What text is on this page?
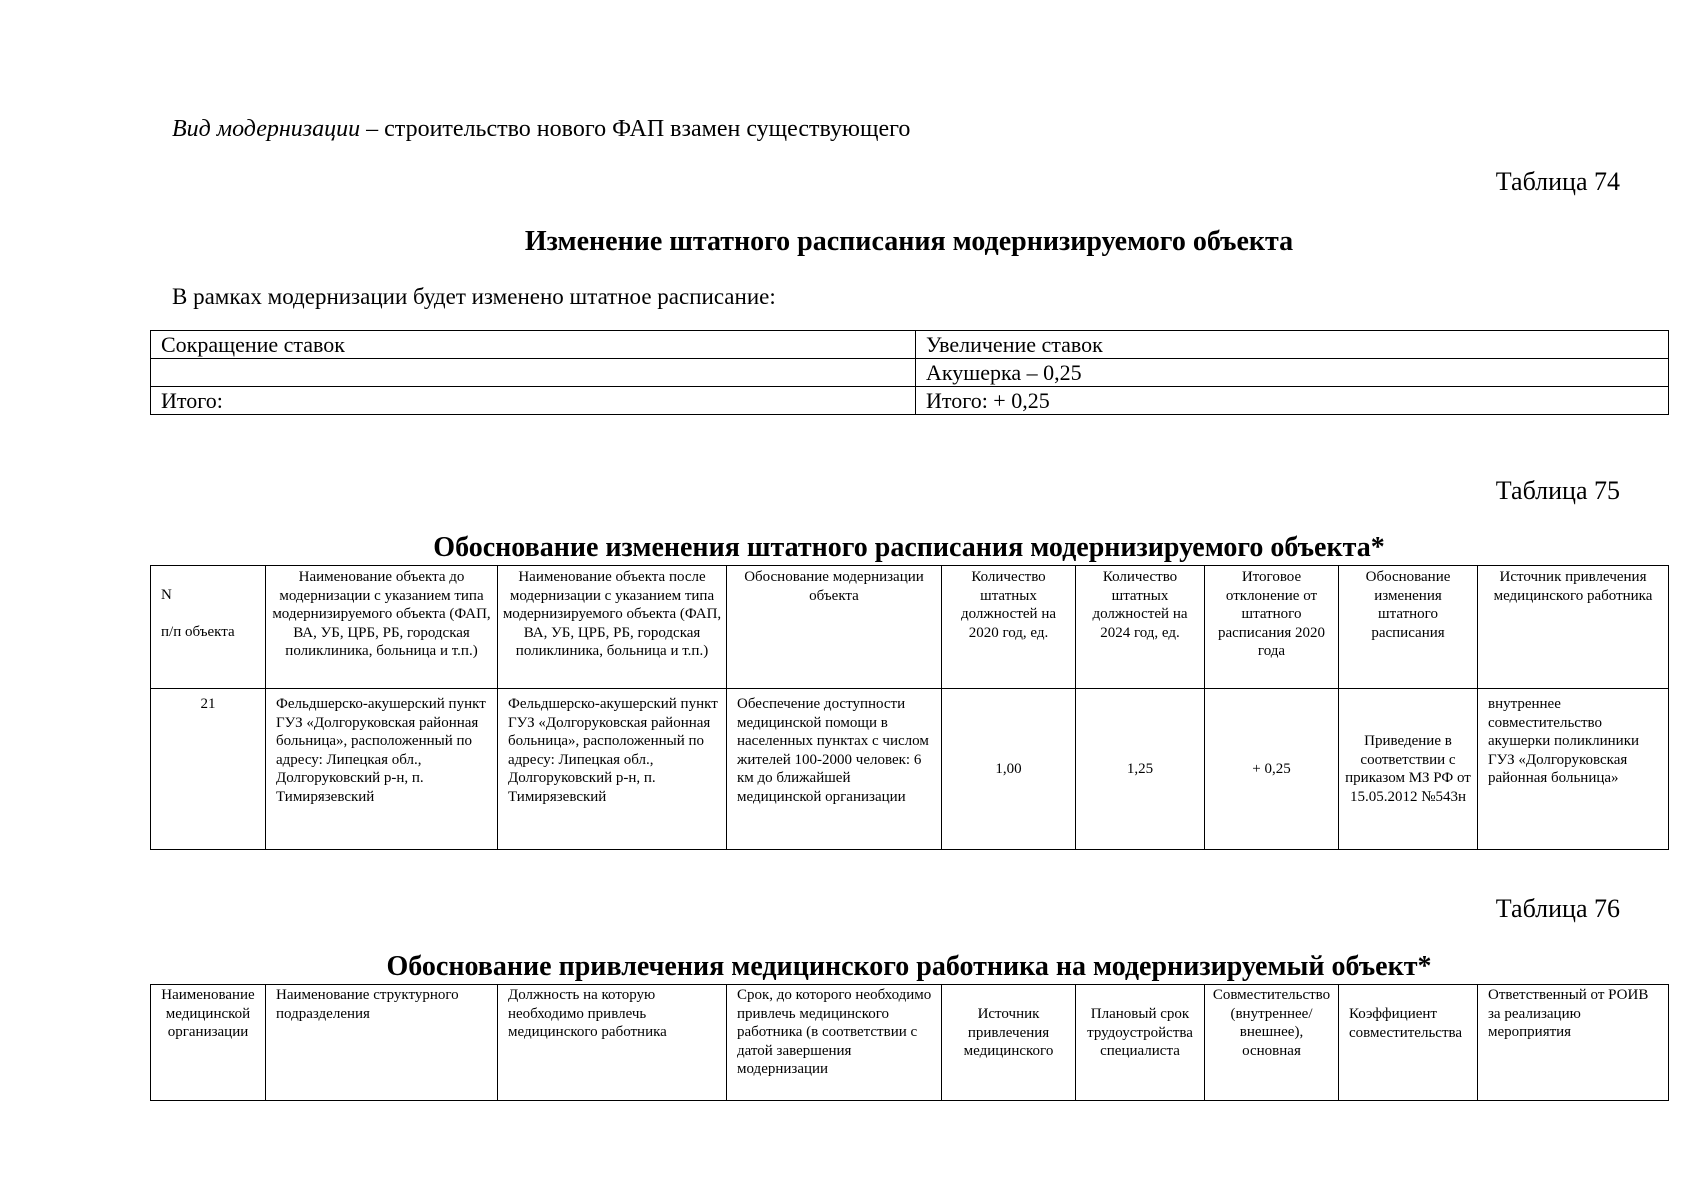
Вид модернизации – строительство нового ФАП взамен существующего
Таблица 74
Изменение штатного расписания модернизируемого объекта
В рамках модернизации будет изменено штатное расписание:
Сокращение ставок	Увеличение ставок
	Акушерка – 0,25
Итого:	Итого: + 0,25
Таблица 75
Обоснование изменения штатного расписания модернизируемого объекта*
N
п/п объекта	Наименование объекта до модернизации с указанием типа модернизируемого объекта (ФАП, ВА, УБ, ЦРБ, РБ, городская поликлиника, больница и т.п.)	Наименование объекта после модернизации с указанием типа модернизируемого объекта (ФАП, ВА, УБ, ЦРБ, РБ, городская поликлиника, больница и т.п.)	Обоснование модернизации объекта	Количество штатных должностей на 2020 год, ед.	Количество штатных должностей на 2024 год, ед.	Итоговое отклонение от штатного расписания 2020 года	Обоснование изменения штатного расписания	Источник привлечения медицинского работника
21	Фельдшерско-акушерский пункт ГУЗ «Долгоруковская районная больница», расположенный по адресу: Липецкая обл., Долгоруковский р-н, п. Тимирязевский	Фельдшерско-акушерский пункт ГУЗ «Долгоруковская районная больница», расположенный по адресу: Липецкая обл., Долгоруковский р-н, п. Тимирязевский	Обеспечение доступности медицинской помощи в населенных пунктах с числом жителей 100-2000 человек: 6 км до ближайшей медицинской организации	1,00	1,25	+ 0,25	Приведение в соответствии с приказом МЗ РФ от 15.05.2012 №543н	внутреннее совместительство акушерки поликлиники ГУЗ «Долгоруковская районная больница»
Таблица 76
Обоснование привлечения медицинского работника на модернизируемый объект*
Наименование медицинской организации	Наименование структурного подразделения	Должность на которую необходимо привлечь медицинского работника	Срок, до которого необходимо привлечь медицинского работника (в соответствии с датой завершения модернизации	Источник привлечения медицинского	Плановый срок трудоустройства специалиста	Совместительство (внутреннее/внешнее), основная	Коэффициент совместительства	Ответственный от РОИВ за реализацию мероприятия
